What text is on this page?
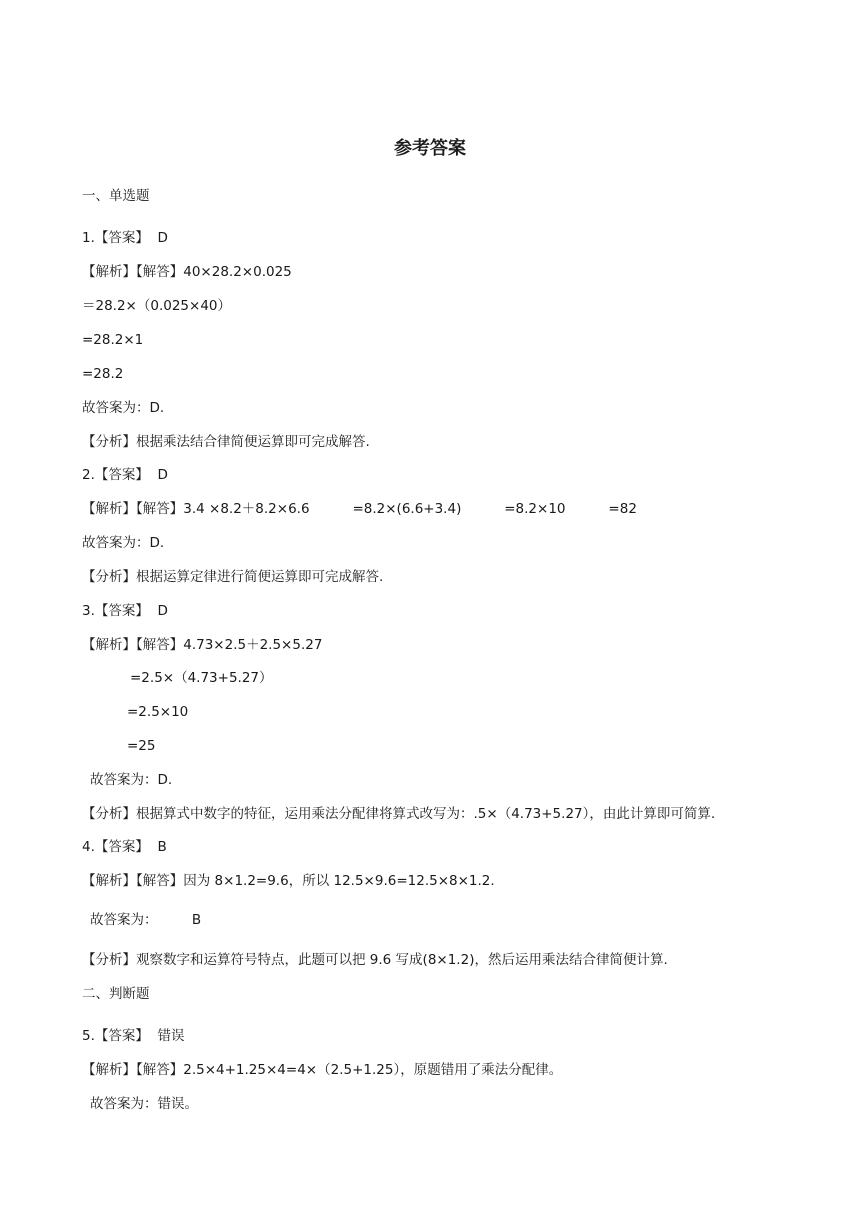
参考答案
一、单选题
1.【答案】  D
【解析】【解答】40×28.2×0.025
＝28.2×（0.025×40）
=28.2×1
=28.2
故答案为：D.
【分析】根据乘法结合律简便运算即可完成解答.
2.【答案】  D
【解析】【解答】3.4 ×8.2＋8.2×6.6          =8.2×(6.6+3.4)          =8.2×10          =82
故答案为：D.
【分析】根据运算定律进行简便运算即可完成解答.
3.【答案】  D
【解析】【解答】4.73×2.5＋2.5×5.27
=2.5×（4.73+5.27）
=2.5×10
=25
故答案为：D.
【分析】根据算式中数字的特征，运用乘法分配律将算式改写为：.5×（4.73+5.27），由此计算即可简算.
4.【答案】  B
【解析】【解答】因为 8×1.2=9.6，所以 12.5×9.6=12.5×8×1.2.
故答案为：        B
【分析】观察数字和运算符号特点，此题可以把 9.6 写成(8×1.2)，然后运用乘法结合律简便计算.
二、判断题
5.【答案】  错误
【解析】【解答】2.5×4+1.25×4=4×（2.5+1.25），原题错用了乘法分配律。
故答案为：错误。
